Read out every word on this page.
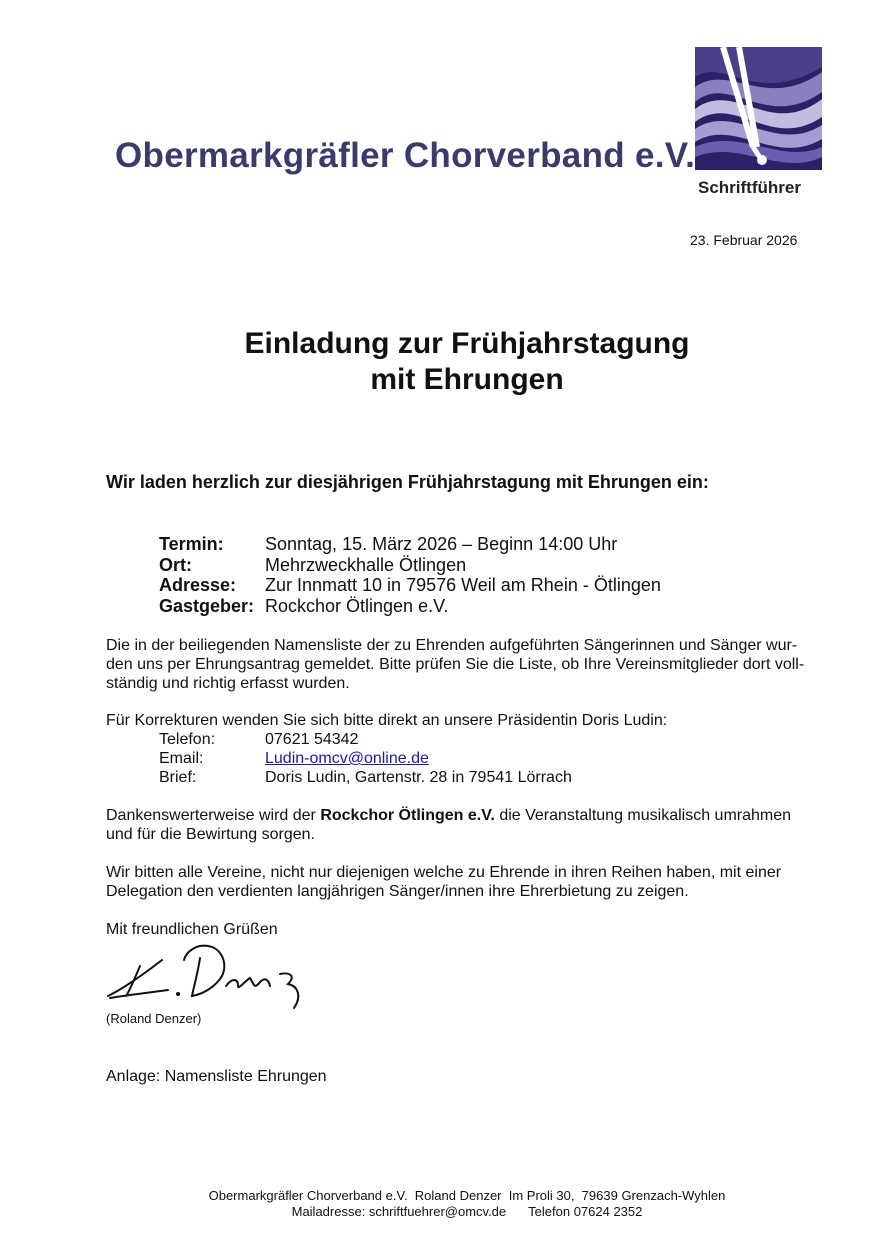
Obermarkgräfler Chorverband e.V.
Schriftführer
23. Februar 2026
Einladung zur Frühjahrstagung
mit Ehrungen
Wir laden herzlich zur diesjährigen Frühjahrstagung mit Ehrungen ein:
Termin:	Sonntag, 15. März 2026 – Beginn 14:00 Uhr
Ort:	Mehrzweckhalle Ötlingen
Adresse:	Zur Innmatt 10 in 79576 Weil am Rhein - Ötlingen
Gastgeber: Rockchor Ötlingen e.V.
Die in der beiliegenden Namensliste der zu Ehrenden aufgeführten Sängerinnen und Sänger wur-
den uns per Ehrungsantrag gemeldet. Bitte prüfen Sie die Liste, ob Ihre Vereinsmitglieder dort voll-
ständig und richtig erfasst wurden.
Für Korrekturen wenden Sie sich bitte direkt an unsere Präsidentin Doris Ludin:
Telefon:	07621 54342
Email:	Ludin-omcv@online.de
Brief:	Doris Ludin, Gartenstr. 28 in 79541 Lörrach
Dankenswerterweise wird der Rockchor Ötlingen e.V. die Veranstaltung musikalisch umrahmen
und für die Bewirtung sorgen.
Wir bitten alle Vereine, nicht nur diejenigen welche zu Ehrende in ihren Reihen haben, mit einer
Delegation den verdienten langjährigen Sänger/innen ihre Ehrerbietung zu zeigen.
Mit freundlichen Grüßen
(Roland Denzer)
Anlage: Namensliste Ehrungen
Obermarkgräfler Chorverband e.V.  Roland Denzer  Im Proli 30,  79639 Grenzach-Wyhlen
Mailadresse: schriftfuehrer@omcv.de Telefon 07624 2352
